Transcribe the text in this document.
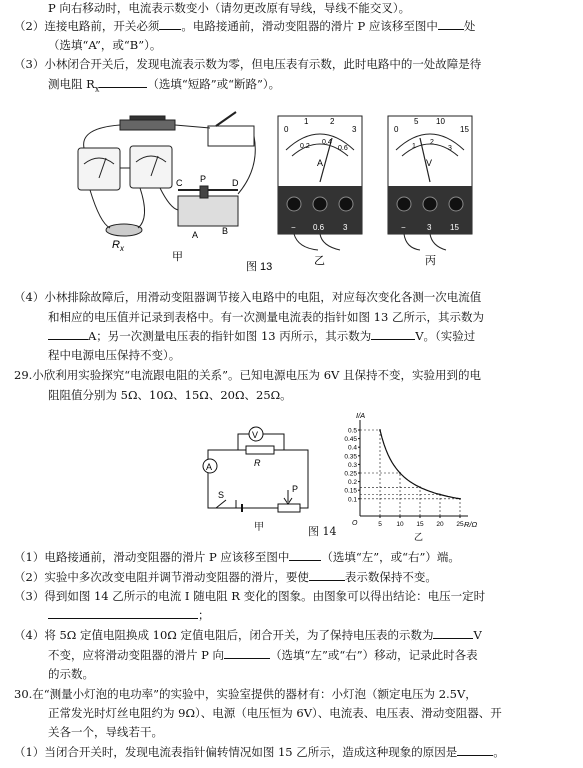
P 向右移动时，电流表示数变小（请勿更改原有导线，导线不能交叉）。
（2）连接电路前，开关必须 。电路接通前，滑动变阻器的滑片 P 应该移至图中 处
（选填“A”，或“B”）。
（3）小林闭合开关后，发现电流表示数为零，但电压表有示数，此时电路中的一处故障是待
测电阻 $R_x$	（选填“短路”或“断路”）。
$R_x$
C P	D
A	B
甲
0
1	2
3
0.2
0.4
0.6
A
− 0.6 3
乙
0
5 10
15
1
2
3
V
−	3 15
丙
图 13
（4）小林排除故障后，用滑动变阻器调节接入电路中的电阻，对应每次变化各测一次电流值
和相应的电压值并记录到表格中。有一次测量电流表的指针如图 13 乙所示，其示数为
A；另一次测量电压表的指针如图 13 丙所示，其示数为	V。（实验过
程中电源电压保持不变）。
29.小欣利用实验探究“电流跟电阻的关系”。已知电源电压为 6V 且保持不变，实验用到的电
阻阻值分别为 5Ω、10Ω、15Ω、20Ω、25Ω。
V
A	R
S
P
甲	图 14
0.1
0.15
0.2
0.25
0.3
0.35
0.4
0.45
0.5
5 10 15 20 25
O
I/A
R/Ω
乙
（1）电路接通前，滑动变阻器的滑片 P 应该移至图中	（选填“左”，或“右”）端。
（2）实验中多次改变电阻并调节滑动变阻器的滑片，要使	表示数保持不变。
（3）得到如图 14 乙所示的电流 I 随电阻 R 变化的图象。由图象可以得出结论：电压一定时
；
（4）将 5Ω 定值电阻换成 10Ω 定值电阻后，闭合开关，为了保持电压表的示数为	V
不变，应将滑动变阻器的滑片 P 向	（选填“左”或“右”）移动，记录此时各表
的示数。
30.在“测量小灯泡的电功率”的实验中，实验室提供的器材有：小灯泡（额定电压为 2.5V，
正常发光时灯丝电阻约为 9Ω）、电源（电压恒为 6V）、电流表、电压表、滑动变阻器、开
关各一个，导线若干。
（1）当闭合开关时，发现电流表指针偏转情况如图 15 乙所示，造成这种现象的原因是	。
